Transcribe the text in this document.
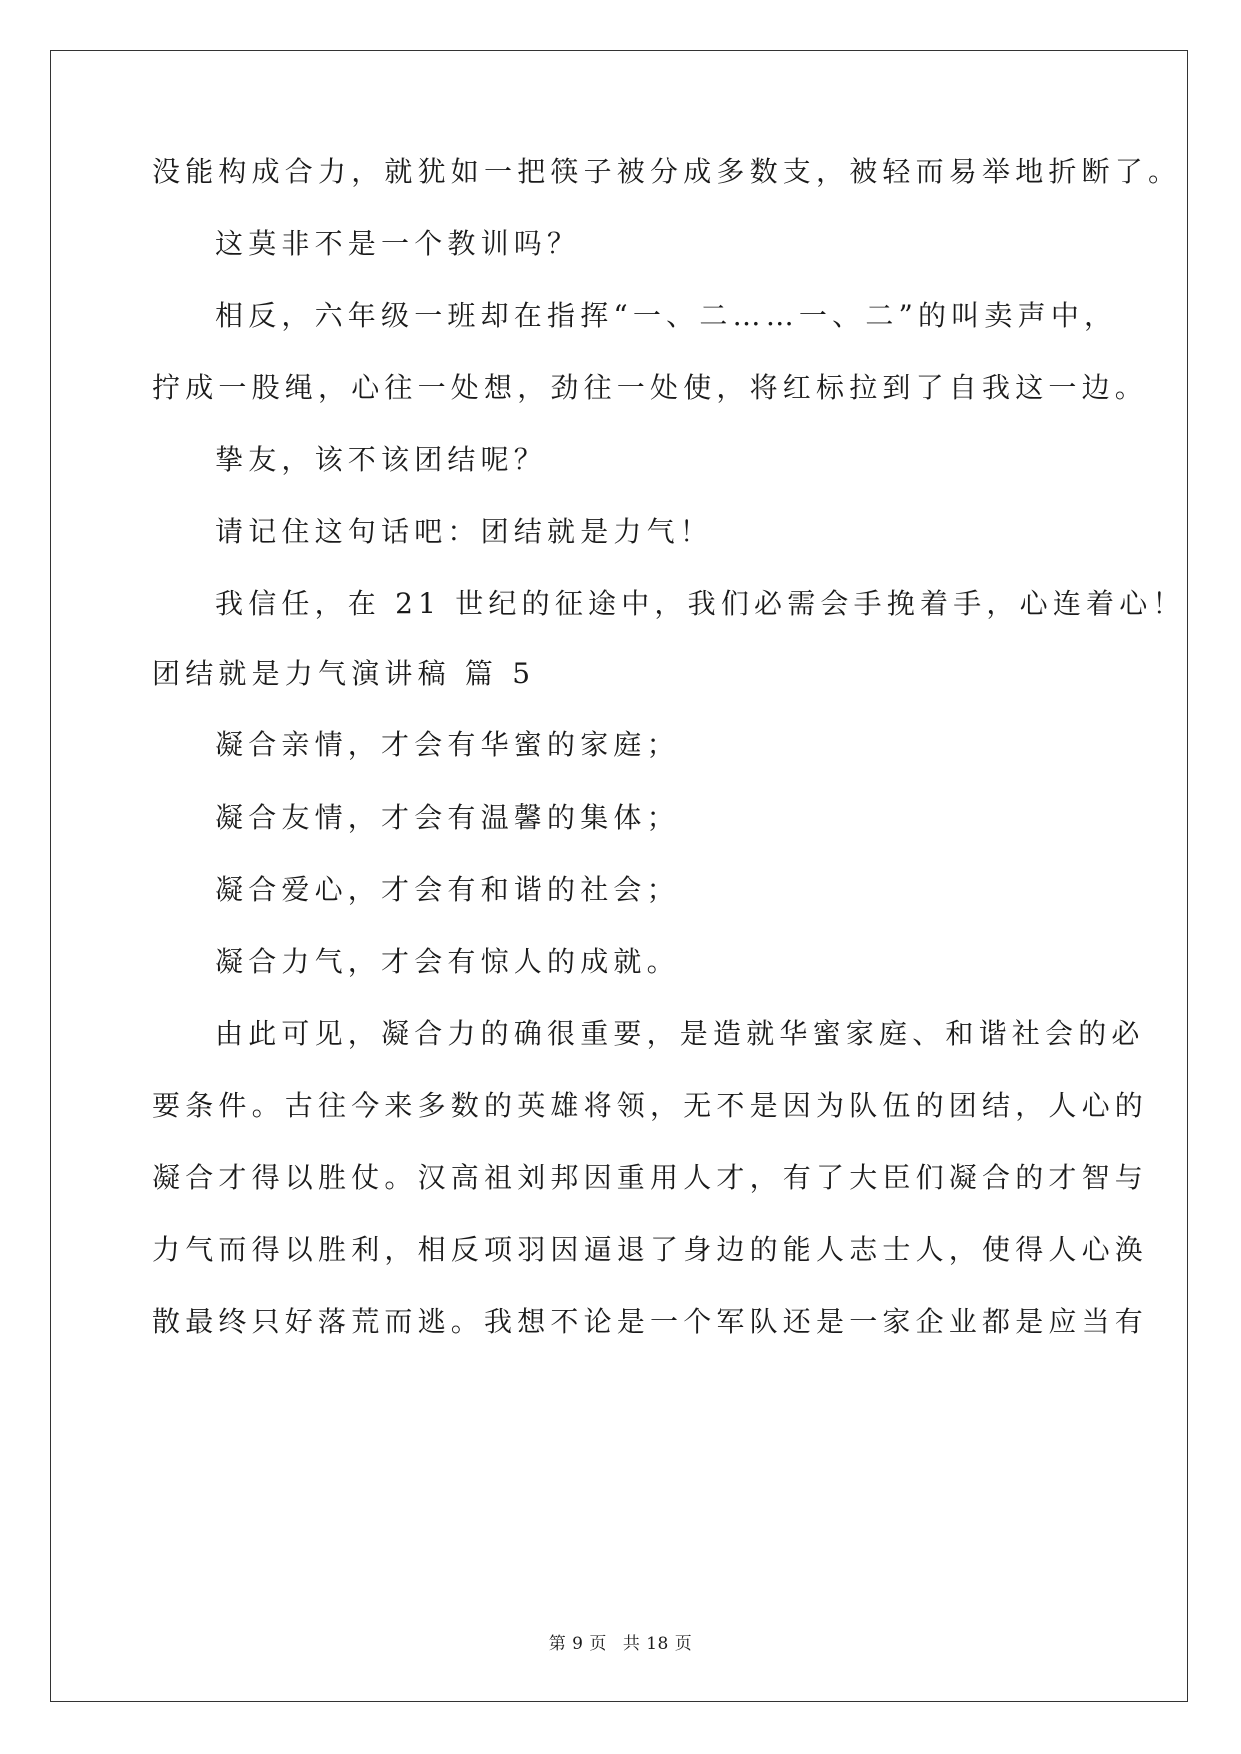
没能构成合力，就犹如一把筷子被分成多数支，被轻而易举地折断了。
这莫非不是一个教训吗？
相反，六年级一班却在指挥“一、二……一、二”的叫卖声中，
拧成一股绳，心往一处想，劲往一处使，将红标拉到了自我这一边。
挚友，该不该团结呢？
请记住这句话吧：团结就是力气！
我信任，在 21 世纪的征途中，我们必需会手挽着手，心连着心！
团结就是力气演讲稿 篇 5
凝合亲情，才会有华蜜的家庭；
凝合友情，才会有温馨的集体；
凝合爱心，才会有和谐的社会；
凝合力气，才会有惊人的成就。
由此可见，凝合力的确很重要，是造就华蜜家庭、和谐社会的必
要条件。古往今来多数的英雄将领，无不是因为队伍的团结，人心的
凝合才得以胜仗。汉高祖刘邦因重用人才，有了大臣们凝合的才智与
力气而得以胜利，相反项羽因逼退了身边的能人志士人，使得人心涣
散最终只好落荒而逃。我想不论是一个军队还是一家企业都是应当有
第 9 页 共 18 页
